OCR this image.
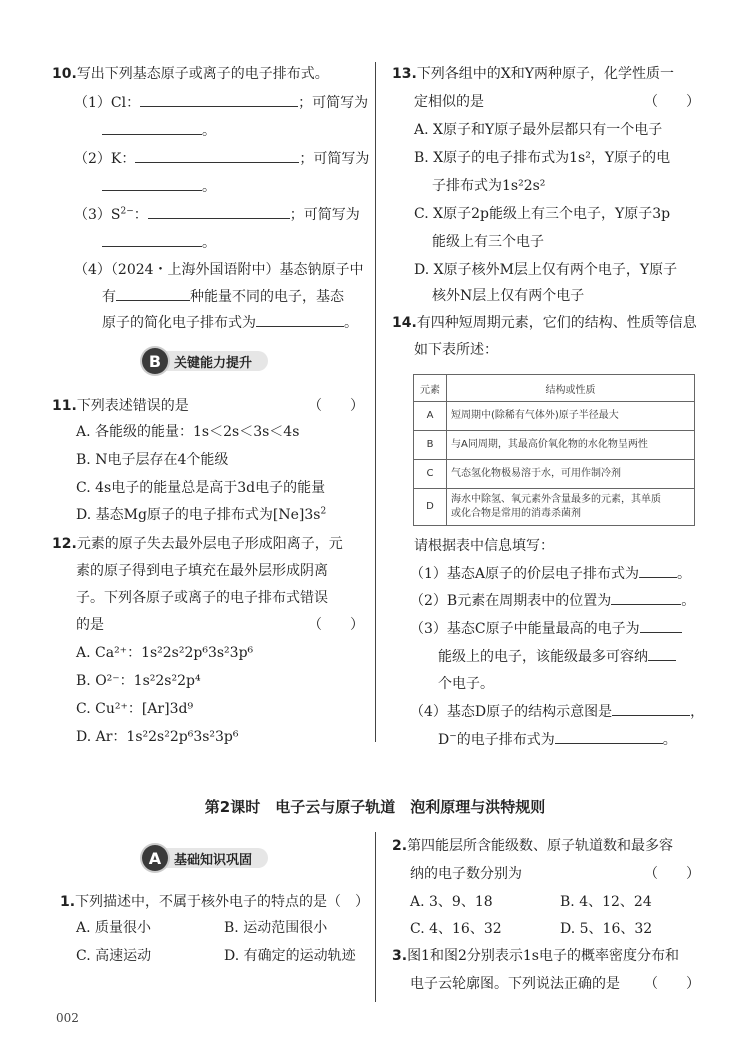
10.写出下列基态原子或离子的电子排布式。
（1）Cl：	；可简写为
。
（2）K：	；可简写为
。
$(3)S^{2-}$：	；可简写为
。
（4）（2024・上海外国语附中）基态钠原子中
有	种能量不同的电子，基态
原子的简化电子排布式为	。
B 关键能力提升
11.下列表述错误的是	（　　）
A. 各能级的能量：1s＜2s＜3s＜4s
B. N电子层存在4个能级
C. 4s电子的能量总是高于3d电子的能量
D. 基态Mg原子的电子排布式为$[Ne]3s^2$
12.元素的原子失去最外层电子形成阳离子，元
素的原子得到电子填充在最外层形成阴离
子。下列各原子或离子的电子排布式错误
的是	（　　）
A. Ca²⁺：1s²2s²2p⁶3s²3p⁶
B. O²⁻：1s²2s²2p⁴
C. Cu²⁺：[Ar]3d⁹
D. Ar：1s²2s²2p⁶3s²3p⁶
13.下列各组中的X和Y两种原子，化学性质一
定相似的是	（　　）
A. X原子和Y原子最外层都只有一个电子
B. X原子的电子排布式为1s²，Y原子的电
子排布式为1s²2s²
C. X原子2p能级上有三个电子，Y原子3p
能级上有三个电子
D. X原子核外M层上仅有两个电子，Y原子
核外N层上仅有两个电子
14.有四种短周期元素，它们的结构、性质等信息
如下表所述：
元素	结构或性质
A	短周期中(除稀有气体外)原子半径最大
B	与A同周期，其最高价氧化物的水化物呈两性
C	气态氢化物极易溶于水，可用作制冷剂
D	海水中除氢、氧元素外含量最多的元素，其单质
或化合物是常用的消毒杀菌剂
请根据表中信息填写：
（1）基态A原子的价层电子排布式为	。
（2）B元素在周期表中的位置为	。
（3）基态C原子中能量最高的电子为
能级上的电子，该能级最多可容纳
个电子。
（4）基态D原子的结构示意图是	，
D−的电子排布式为	。
第2课时　电子云与原子轨道　泡利原理与洪特规则
A 基础知识巩固
1.下列描述中，不属于核外电子的特点的是（　）
A. 质量很小	B. 运动范围很小
C. 高速运动	D. 有确定的运动轨迹
2.第四能层所含能级数、原子轨道数和最多容
纳的电子数分别为	（　　）
A. 3、9、18	B. 4、12、24
C. 4、16、32	D. 5、16、32
3.图1和图2分别表示1s电子的概率密度分布和
电子云轮廓图。下列说法正确的是 （　　）
002
